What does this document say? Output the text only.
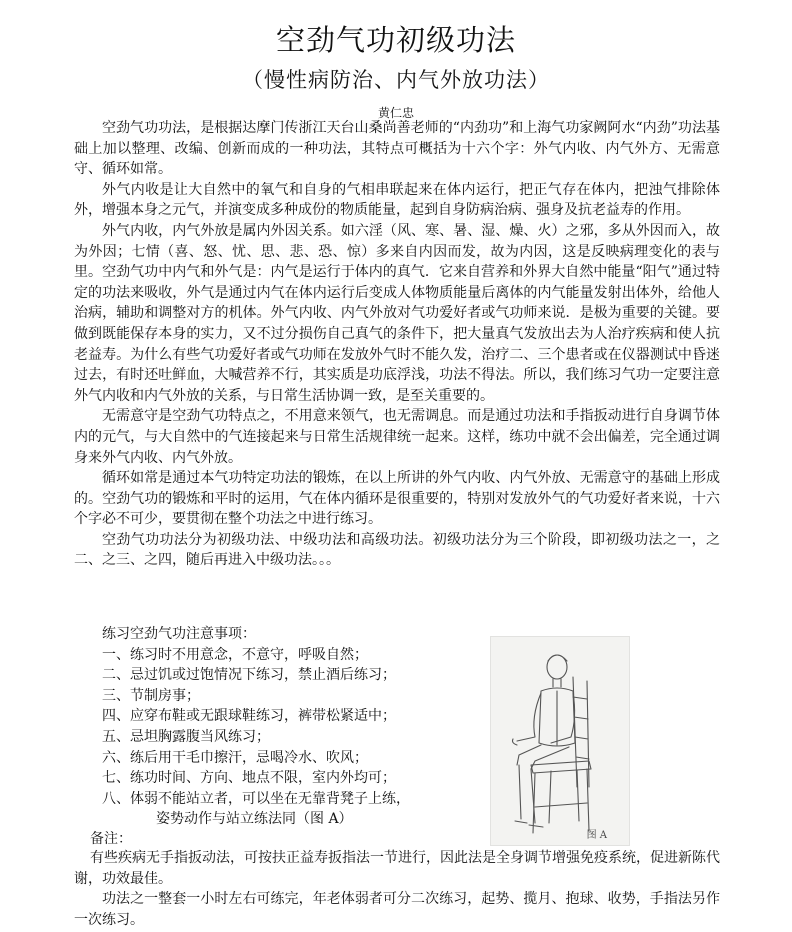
空劲气功初级功法
（慢性病防治、内气外放功法）
黄仁忠

空劲气功功法，是根据达摩门传浙江天台山桑尚善老师的“内劲功”和上海气功家阙阿水“内劲”功法基础上加以整理、改编、创新而成的一种功法，其特点可概括为十六个字：外气内收、内气外方、无需意守、循环如常。

外气内收是让大自然中的氧气和自身的气相串联起来在体内运行，把正气存在体内，把浊气排除体外，增强本身之元气，并演变成多种成份的物质能量，起到自身防病治病、强身及抗老益寿的作用。

外气内收，内气外放是属内外因关系。如六淫（风、寒、暑、湿、燥、火）之邪，多从外因而入，故为外因；七情（喜、怒、忧、思、悲、恐、惊）多来自内因而发，故为内因，这是反映病理变化的表与里。空劲气功中内气和外气是：内气是运行于体内的真气．它来自营养和外界大自然中能量“阳气”通过特定的功法来吸收，外气是通过内气在体内运行后变成人体物质能量后离体的内气能量发射出体外，给他人治病，辅助和调整对方的机体。外气内收、内气外放对气功爱好者或气功师来说．是极为重要的关键。要做到既能保存本身的实力，又不过分损伤自己真气的条件下，把大量真气发放出去为人治疗疾病和使人抗老益寿。为什么有些气功爱好者或气功师在发放外气时不能久发，治疗二、三个患者或在仪器测试中昏迷过去，有时还吐鲜血，大喊营养不行，其实质是功底浮浅，功法不得法。所以，我们练习气功一定要注意外气内收和内气外放的关系，与日常生活协调一致，是至关重要的。

无需意守是空劲气功特点之，不用意来领气，也无需调息。而是通过功法和手指扳动进行自身调节体内的元气，与大自然中的气连接起来与日常生活规律统一起来。这样，练功中就不会出偏差，完全通过调身来外气内收、内气外放。

循环如常是通过本气功特定功法的锻炼，在以上所讲的外气内收、内气外放、无需意守的基础上形成的。空劲气功的锻炼和平时的运用，气在体内循环是很重要的，特别对发放外气的气功爱好者来说，十六个字必不可少，要贯彻在整个功法之中进行练习。

空劲气功功法分为初级功法、中级功法和高级功法。初级功法分为三个阶段，即初级功法之一，之二、之三、之四，随后再进入中级功法。。。

练习空劲气功注意事项：

一、练习时不用意念，不意守，呼吸自然；
二、忌过饥或过饱情况下练习，禁止酒后练习；
三、节制房事；
四、应穿布鞋或无跟球鞋练习，裤带松紧适中；
五、忌坦胸露腹当风练习；
六、练后用干毛巾擦汗，忌喝冷水、吹风；
七、练功时间、方向、地点不限，室内外均可；
八、体弱不能站立者，可以坐在无靠背凳子上练，
姿势动作与站立练法同（图 A）
图 A
备注：

有些疾病无手指扳动法，可按扶正益寿扳指法一节进行，因此法是全身调节增强免疫系统，促进新陈代谢，功效最佳。

功法之一整套一小时左右可练完，年老体弱者可分二次练习，起势、揽月、抱球、收势，手指法另作一次练习。
